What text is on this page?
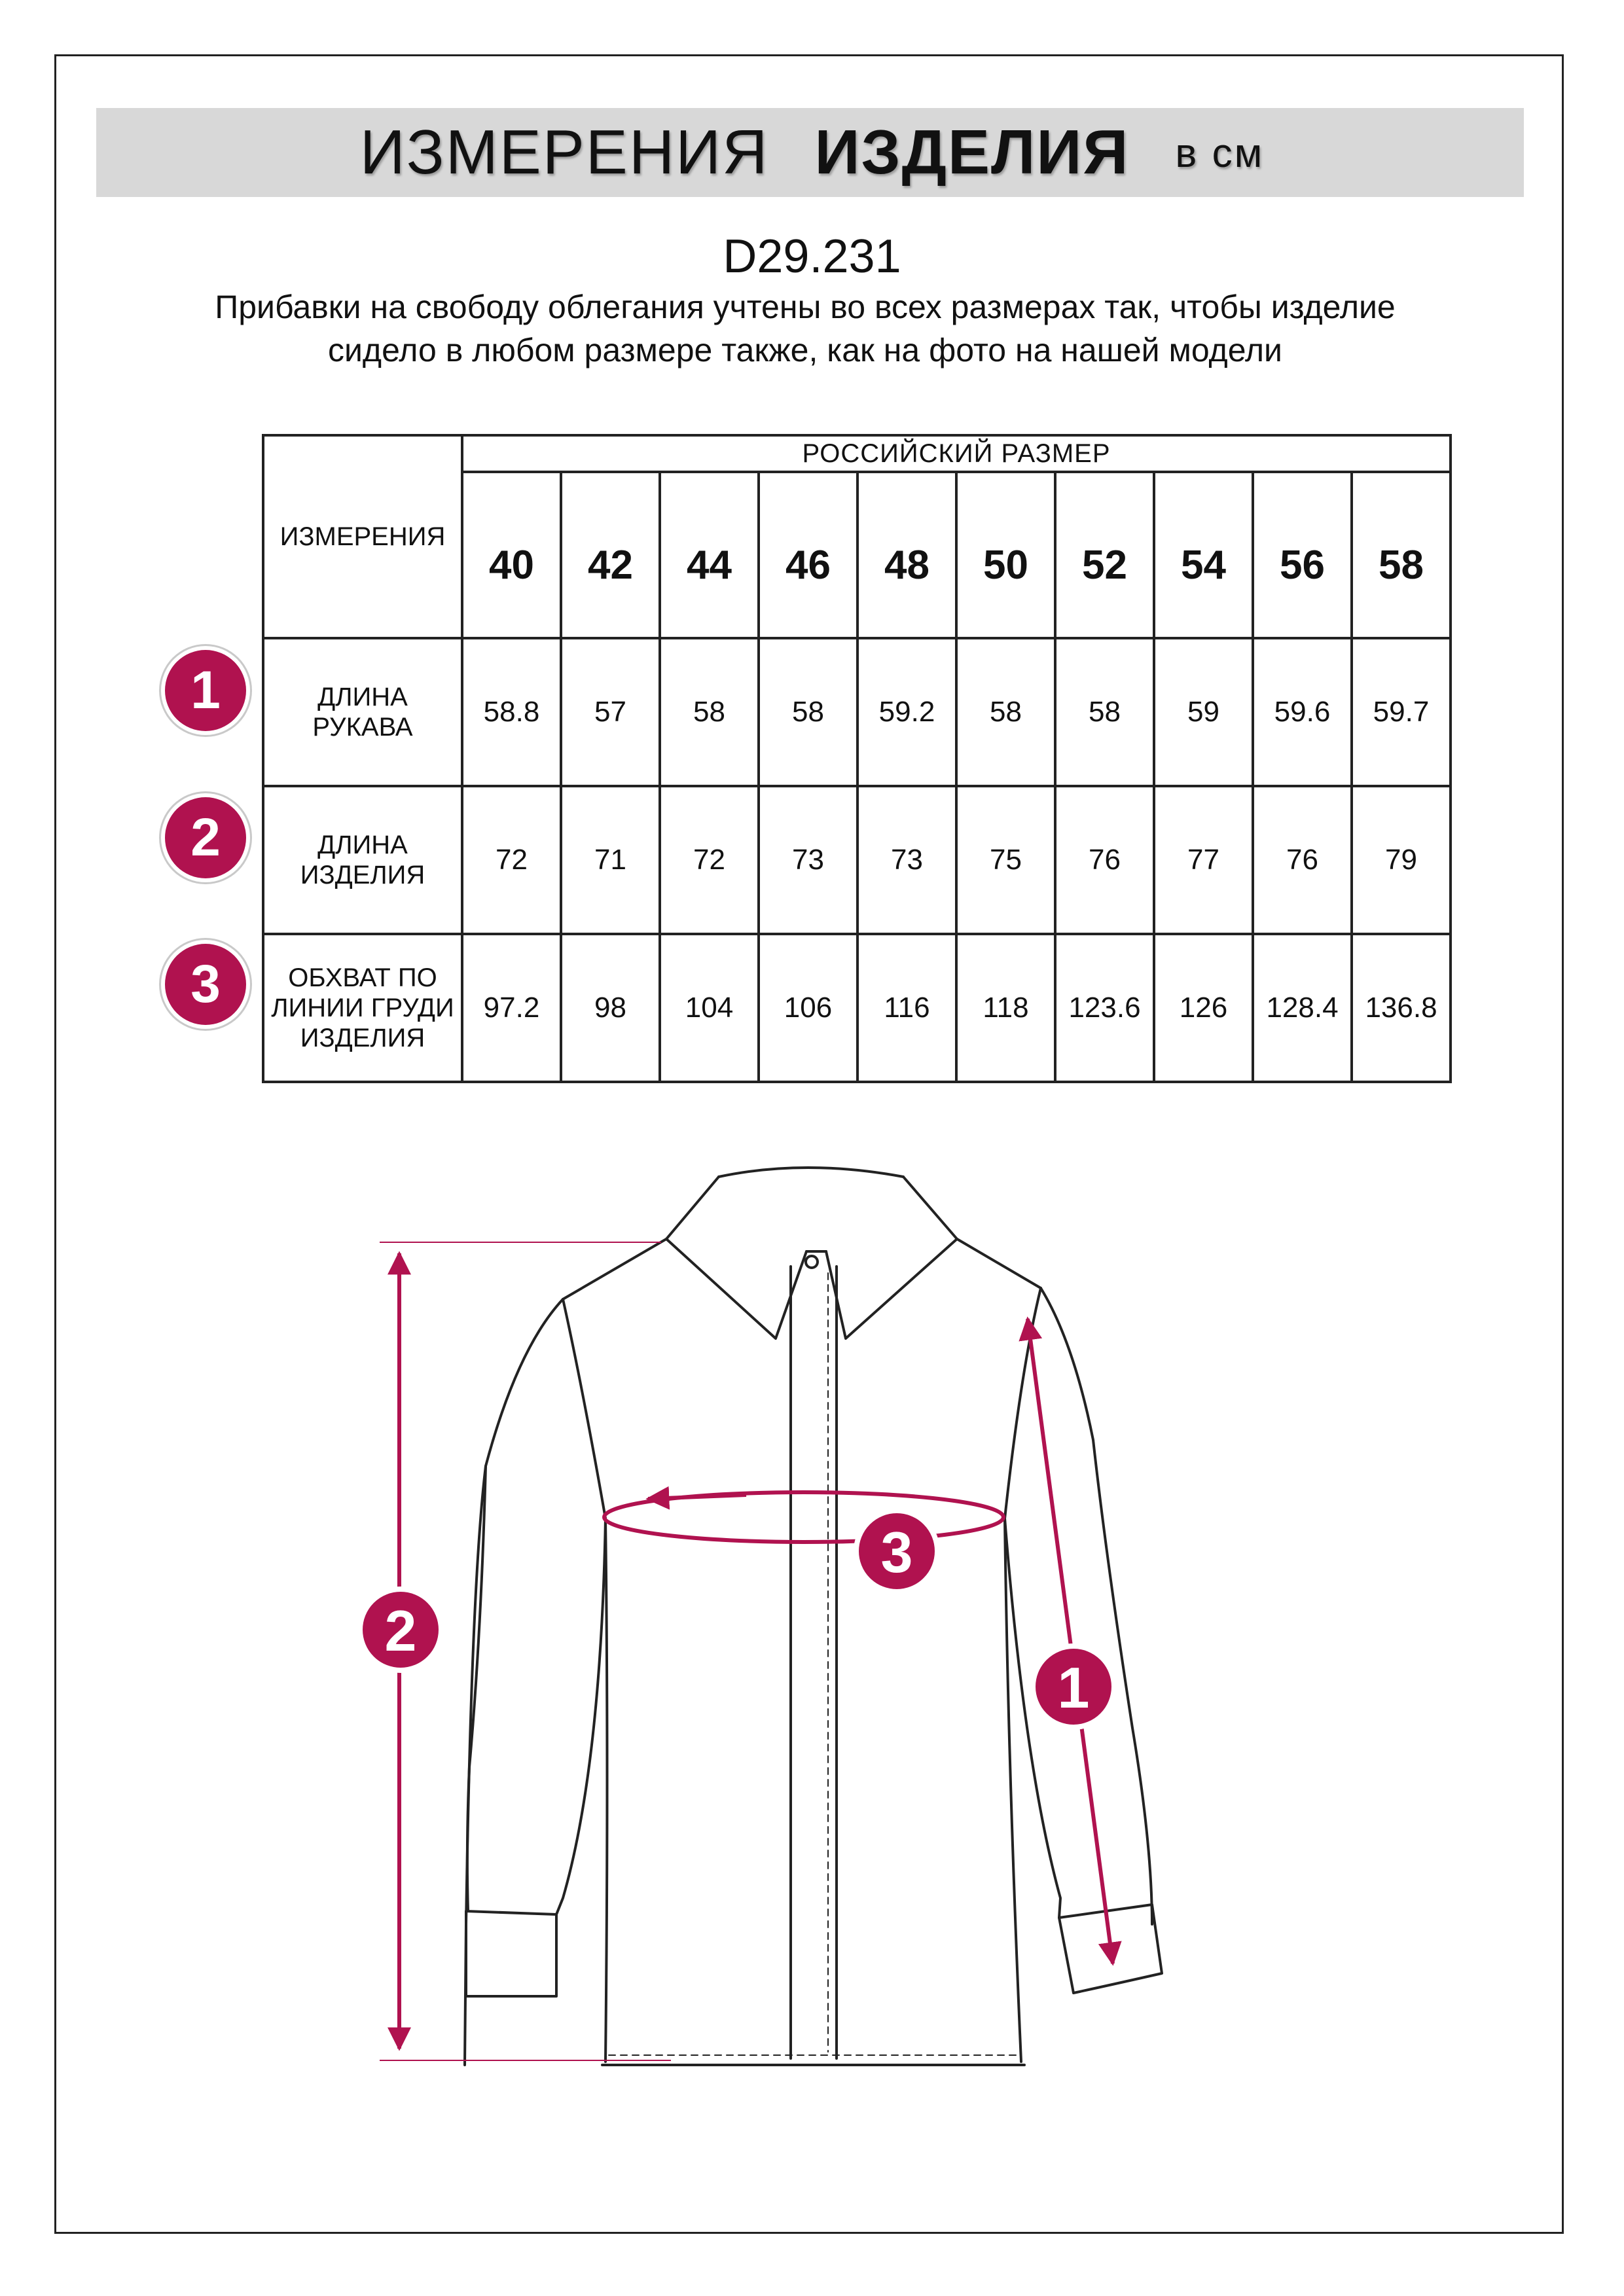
ИЗМЕРЕНИЯ ИЗДЕЛИЯ в см
D29.231
Прибавки на свободу облегания учтены во всех размерах так, чтобы изделие сидело в любом размере также, как на фото на нашей модели
ИЗМЕРЕНИЯ	РОССИЙСКИЙ РАЗМЕР									
	40	42	44	46	48	50	52	54	56	58
ДЛИНА РУКАВА	58.8	57	58	58	59.2	58	58	59	59.6	59.7
ДЛИНА ИЗДЕЛИЯ	72	71	72	73	73	75	76	77	76	79
ОБХВАТ ПО ЛИНИИ ГРУДИ ИЗДЕЛИЯ	97.2	98	104	106	116	118	123.6	126	128.4	136.8
1
2
3
2
3
1
